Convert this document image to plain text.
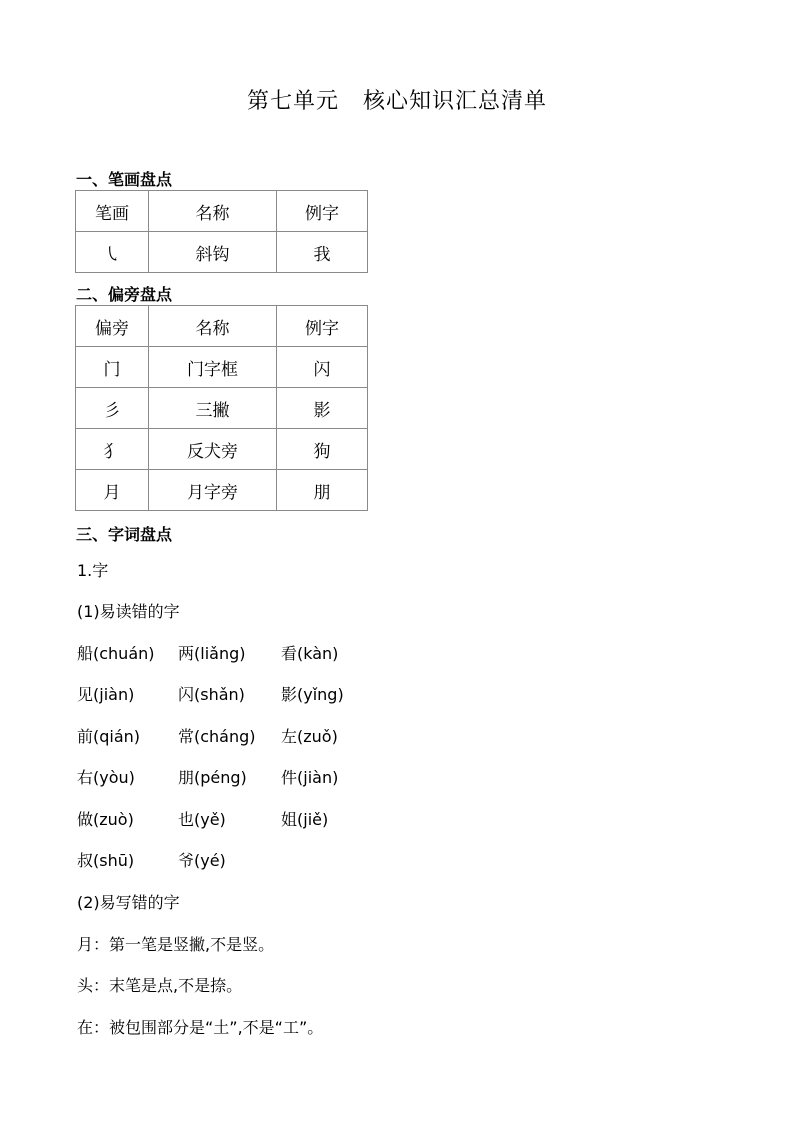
第七单元 核心知识汇总清单
一、笔画盘点
笔画	名称	例字
㇂	斜钩	我
二、偏旁盘点
偏旁	名称	例字
门	门字框	闪
彡	三撇	影
犭	反犬旁	狗
月	月字旁	朋
三、字词盘点
1.字
(1)易读错的字
船(chuán) 两(liǎng) 看(kàn)
见(jiàn)	闪(shǎn) 影(yǐng)
前(qián) 常(cháng) 左(zuǒ)
右(yòu)	朋(péng) 件(jiàn)
做(zuò)	也(yě)	姐(jiě)
叔(shū)	爷(yé)
(2)易写错的字
月：第一笔是竖撇,不是竖。
头：末笔是点,不是捺。
在：被包围部分是“土”,不是“工”。
